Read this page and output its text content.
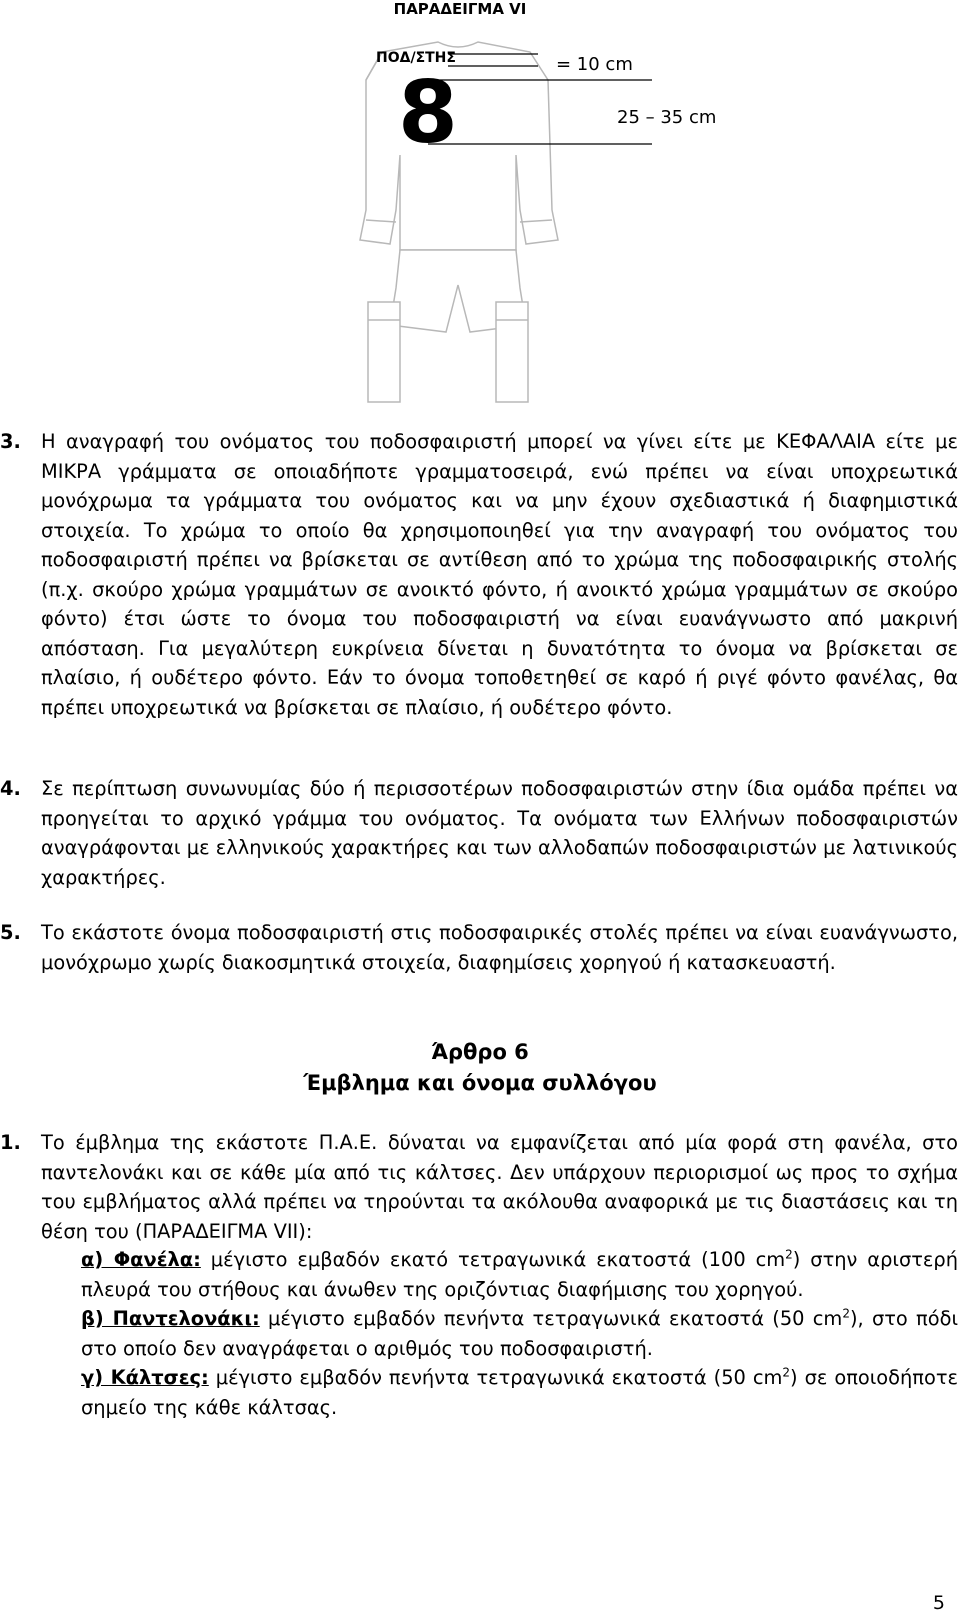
ΠΑΡΑΔΕΙΓΜΑ VI
ΠΟΔ/ΣΤΗΣ
8	= 10 cm
25 – 35 cm
3. Η αναγραφή του ονόματος του ποδοσφαιριστή μπορεί να γίνει είτε με ΚΕΦΑΛΑΙΑ είτε με ΜΙΚΡΑ γράμματα σε οποιαδήποτε γραμματοσειρά, ενώ πρέπει να είναι υποχρεωτικά μονόχρωμα τα γράμματα του ονόματος και να μην έχουν σχεδιαστικά ή διαφημιστικά στοιχεία. Το χρώμα το οποίο θα χρησιμοποιηθεί για την αναγραφή του ονόματος του ποδοσφαιριστή πρέπει να βρίσκεται σε αντίθεση από το χρώμα της ποδοσφαιρικής στολής (π.χ. σκούρο χρώμα γραμμάτων σε ανοικτό φόντο, ή ανοικτό χρώμα γραμμάτων σε σκούρο φόντο) έτσι ώστε το όνομα του ποδοσφαιριστή να είναι ευανάγνωστο από μακρινή απόσταση. Για μεγαλύτερη ευκρίνεια δίνεται η δυνατότητα το όνομα να βρίσκεται σε πλαίσιο, ή ουδέτερο φόντο. Εάν το όνομα τοποθετηθεί σε καρό ή ριγέ φόντο φανέλας, θα πρέπει υποχρεωτικά να βρίσκεται σε πλαίσιο, ή ουδέτερο φόντο.

4. Σε περίπτωση συνωνυμίας δύο ή περισσοτέρων ποδοσφαιριστών στην ίδια ομάδα πρέπει να προηγείται το αρχικό γράμμα του ονόματος. Τα ονόματα των Ελλήνων ποδοσφαιριστών αναγράφονται με ελληνικούς χαρακτήρες και των αλλοδαπών ποδοσφαιριστών με λατινικούς χαρακτήρες.

5. Το εκάστοτε όνομα ποδοσφαιριστή στις ποδοσφαιρικές στολές πρέπει να είναι ευανάγνωστο, μονόχρωμο χωρίς διακοσμητικά στοιχεία, διαφημίσεις χορηγού ή κατασκευαστή.

Άρθρο 6
Έμβλημα και όνομα συλλόγου
1. Το έμβλημα της εκάστοτε Π.Α.Ε. δύναται να εμφανίζεται από μία φορά στη φανέλα, στο παντελονάκι και σε κάθε μία από τις κάλτσες. Δεν υπάρχουν περιορισμοί ως προς το σχήμα του εμβλήματος αλλά πρέπει να τηρούνται τα ακόλουθα αναφορικά με τις διαστάσεις και τη θέση του (ΠΑΡΑΔΕΙΓΜΑ VII):

α) Φανέλα: μέγιστο εμβαδόν εκατό τετραγωνικά εκατοστά (100 $cm^2$) στην αριστερή πλευρά του στήθους και άνωθεν της οριζόντιας διαφήμισης του χορηγού.
β) Παντελονάκι: μέγιστο εμβαδόν πενήντα τετραγωνικά εκατοστά (50 $cm^2$), στο πόδι στο οποίο δεν αναγράφεται ο αριθμός του ποδοσφαιριστή.
γ) Κάλτσες: μέγιστο εμβαδόν πενήντα τετραγωνικά εκατοστά (50 $cm^2$) σε οποιοδήποτε σημείο της κάθε κάλτσας.
5
